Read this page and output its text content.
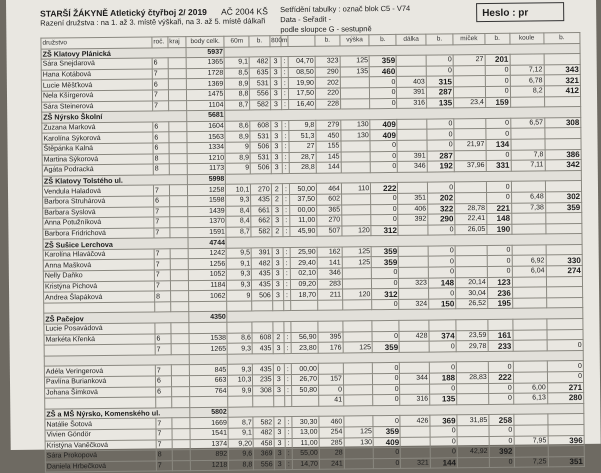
STARŠÍ ŽÁKYNĚ Atletický čtyřboj 2/ 2019 AČ 2004 KŠ
Razení družstva : na 1. až 3. místě výškaři, na 3. až 5. místě dálkaři
Setřídění tabulky : označ blok C5 - V74
Data - Seřadit -
podle sloupce G - sestupně
Heslo : pr
družstvo	roč.	kraj	body celk.	60m	b.	800m			b.	výška	b.	dálka	b.	míček	b.	koule	b.
ZŠ Klatovy Plánická			5937														
Sára Snejdarová	6		1365	9,1	482	3	:	04,70	323	125	359		0	27	201		
Hana Kotábová	7		1728	8,5	635	3	:	08,50	290	135	460		0		0	7,12	343
Lucie Měšťková	6		1369	8,9	531	3	:	19,90	202		0	403	315		0	6,78	321
Nela Kšírgerová	7		1475	8,8	556	3	:	17,50	220		0	391	287		0	8,2	412
Sára Steinerová	7		1104	8,7	582	3	:	16,40	228		0	316	135	23,4	159		
ZŠ Nýrsko Školní			5681														
Zuzana Marková	6		1604	8,6	608	3	:	9,8	279	130	409		0		0	6,57	308
Karolína Sýkorová	6		1563	8,9	531	3	:	51,3	450	130	409		0		0		
Štěpánka Kalná	6		1334	9	506	3	:	27	155		0		0	21,97	134		
Martina Sýkorová	8		1210	8,9	531	3	:	28,7	145		0	391	287		0	7,8	386
Agáta Podracká	8		1173	9	506	3	:	28,8	144		0	346	192	37,96	331	7,11	342
ZŠ Klatovy Tolstého ul.			5998														
Vendula Haladová	7		1258	10,1	270	2	:	50,00	464	110	222		0		0		
Barbora Struhárová	6		1598	9,3	435	2	:	37,50	602		0	351	202		0	6,48	302
Barbara Syslová	7		1439	8,4	661	3	:	00,00	365		0	406	322	28,78	221	7,38	359
Anna Potužníková	7		1370	8,4	662	3	:	11,00	270		0	392	290	22,41	148		
Barbora Fridrichová	7		1591	8,7	582	2	:	45,90	507	120	312		0	26,05	190		
ZŠ Sušice Lerchova			4744														
Karolína Hlaváčová	7		1242	9,5	391	3	:	25,90	162	125	359		0		0		
Anna Mašková	7		1256	9,1	482	3	:	29,40	141	125	359		0		0	6,92	330
Nelly Daňko	7		1052	9,3	435	3	:	02,10	346		0		0		0	6,04	274
Kristýna Pichová	7		1184	9,3	435	3	:	09,20	283		0	323	148	20,14	123		
Andrea Šlapáková	8		1062	9	506	3	:	18,70	211	120	312		0	30,04	236		
											0	324	150	26,52	195		
ZŠ Pačejov			4350														
Lucie Posavádová																	
Markéta Křenká	6		1538	8,6	608	2	:	56,90	395		0	428	374	23,59	161		
	7		1265	9,3	435	3	:	23,80	176	125	359		0	29,78	233		0

Adéla Veringerová	7		845	9,3	435	0	:	00,00			0		0		0		0
Pavlína Burianková	6		663	10,3	235	3	:	26,70	157		0	344	188	28,83	222		0
Johana Šimková	6		764	9,9	308	3	:	50,80	0		0		0		0	6,00	271
									41		0	316	135		0	6,13	280
ZŠ a MŠ Nýrsko, Komenského ul.			5802														
Natálie Šotová	7		1669	8,7	582	2	:	30,30	460		0	426	369	31,85	258		
Vivien Göndör	7		1541	9,1	482	3	:	13,00	254	125	359		0		0		
Kristýna Vaněčková	7		1374	9,20	458	3	:	11,00	285	130	409		0		0	7,95	396
Sára Prokopová	8		892	9,6	369	3	:	55,00	28		0		0	42,92	392		
Daniela Hrbečková	7		1218	8,8	556	3	:	14,70	241		0	321	144		0	7,25	351
